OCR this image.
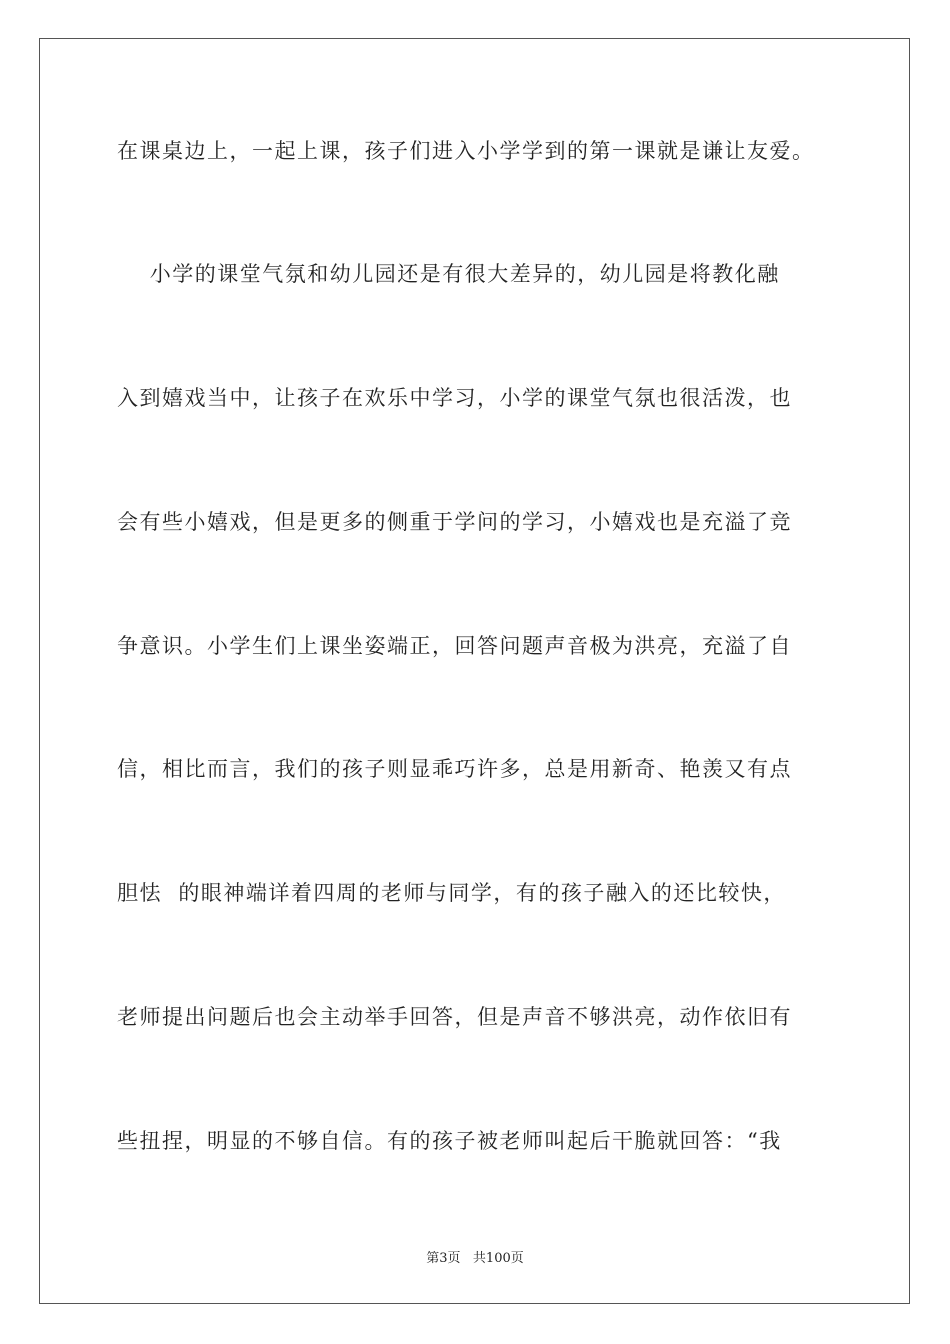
在课桌边上，一起上课，孩子们进入小学学到的第一课就是谦让友爱。
小学的课堂气氛和幼儿园还是有很大差异的，幼儿园是将教化融
入到嬉戏当中，让孩子在欢乐中学习，小学的课堂气氛也很活泼，也
会有些小嬉戏，但是更多的侧重于学问的学习，小嬉戏也是充溢了竞
争意识。小学生们上课坐姿端正，回答问题声音极为洪亮，充溢了自
信，相比而言，我们的孩子则显乖巧许多，总是用新奇、艳羡又有点
胆怯  的眼神端详着四周的老师与同学，有的孩子融入的还比较快，
老师提出问题后也会主动举手回答，但是声音不够洪亮，动作依旧有
些扭捏，明显的不够自信。有的孩子被老师叫起后干脆就回答：“我
第3页   共100页
